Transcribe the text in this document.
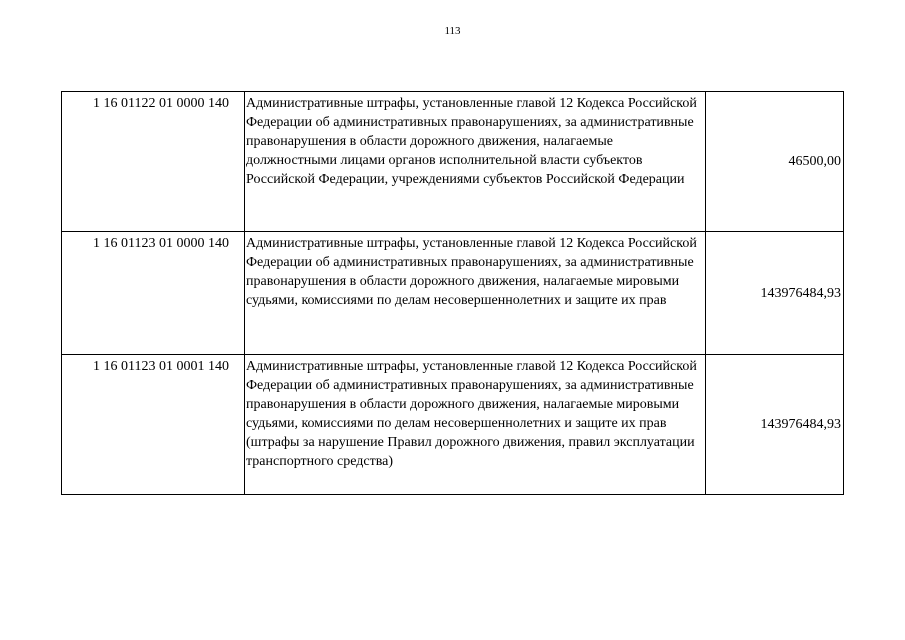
113
1 16 01122 01 0000 140	Административные штрафы, установленные главой 12 Кодекса Российской Федерации об административных правонарушениях, за административные правонарушения в области дорожного движения, налагаемые должностными лицами органов исполнительной власти субъектов Российской Федерации, учреждениями субъектов Российской Федерации	46500,00
1 16 01123 01 0000 140	Административные штрафы, установленные главой 12 Кодекса Российской Федерации об административных правонарушениях, за административные правонарушения в области дорожного движения, налагаемые мировыми судьями, комиссиями по делам несовершеннолетних и защите их прав	143976484,93
1 16 01123 01 0001 140	Административные штрафы, установленные главой 12 Кодекса Российской Федерации об административных правонарушениях, за административные правонарушения в области дорожного движения, налагаемые мировыми судьями, комиссиями по делам несовершеннолетних и защите их прав (штрафы за нарушение Правил дорожного движения, правил эксплуатации транспортного средства)	143976484,93
